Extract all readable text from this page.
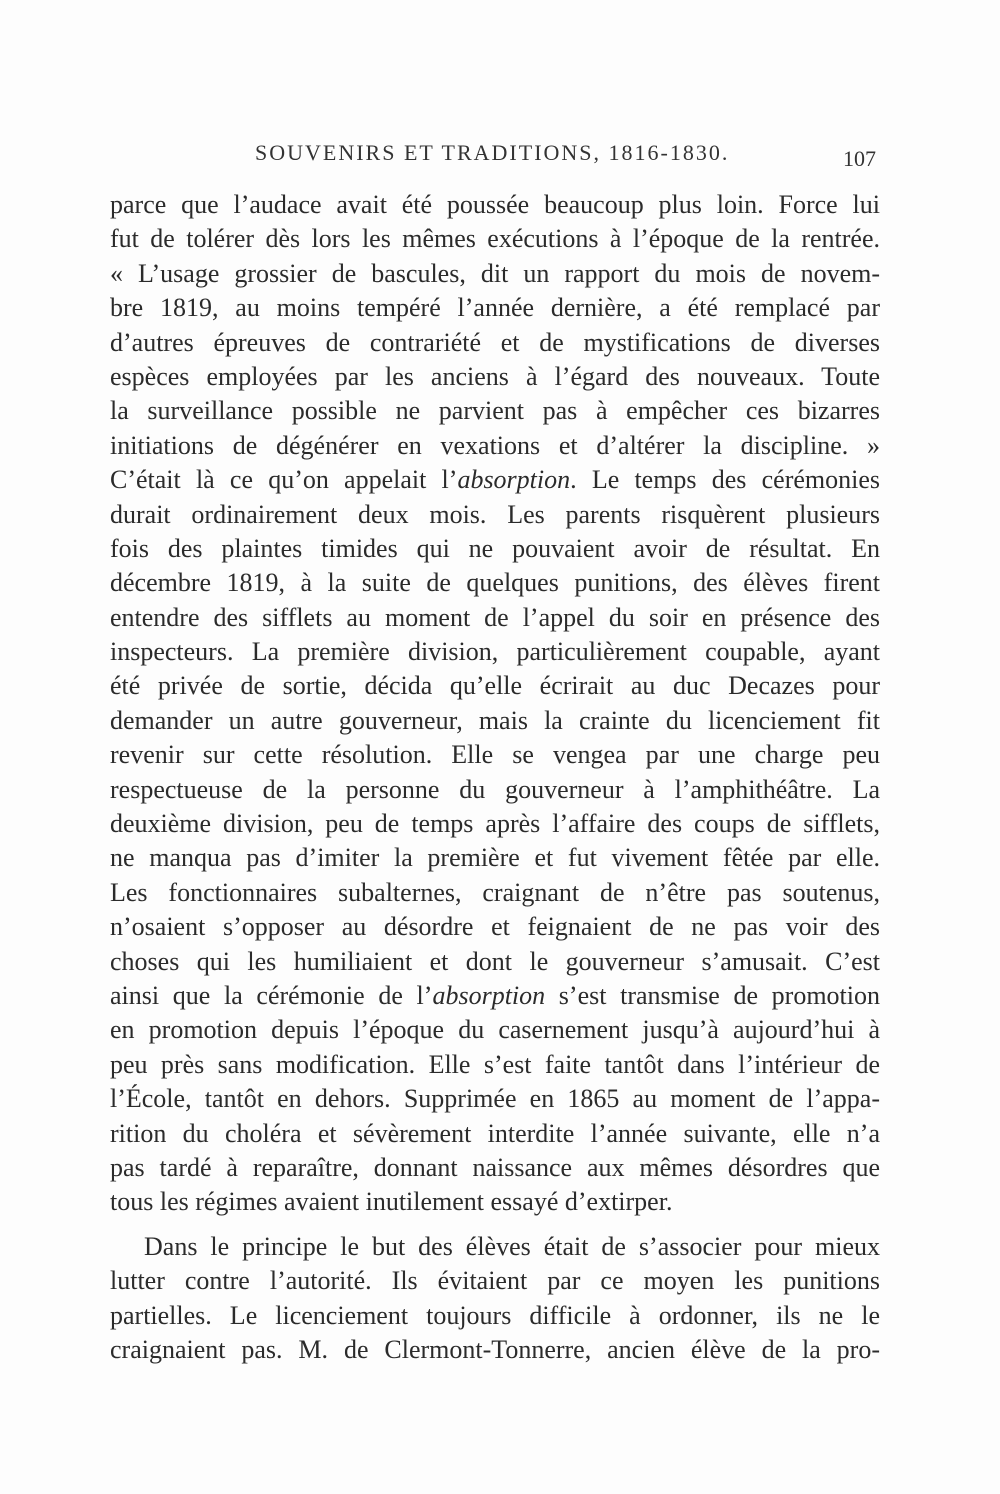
SOUVENIRS ET TRADITIONS, 1816-1830.	107
parce que l’audace avait été poussée beaucoup plus loin. Force lui
fut de tolérer dès lors les mêmes exécutions à l’époque de la rentrée.
« L’usage grossier de bascules, dit un rapport du mois de novem-
bre 1819, au moins tempéré l’année dernière, a été remplacé par
d’autres épreuves de contrariété et de mystifications de diverses
espèces employées par les anciens à l’égard des nouveaux. Toute
la surveillance possible ne parvient pas à empêcher ces bizarres
initiations de dégénérer en vexations et d’altérer la discipline. »
C’était là ce qu’on appelait l’absorption. Le temps des cérémonies
durait ordinairement deux mois. Les parents risquèrent plusieurs
fois des plaintes timides qui ne pouvaient avoir de résultat. En
décembre 1819, à la suite de quelques punitions, des élèves firent
entendre des sifflets au moment de l’appel du soir en présence des
inspecteurs. La première division, particulièrement coupable, ayant
été privée de sortie, décida qu’elle écrirait au duc Decazes pour
demander un autre gouverneur, mais la crainte du licenciement fit
revenir sur cette résolution. Elle se vengea par une charge peu
respectueuse de la personne du gouverneur à l’amphithéâtre. La
deuxième division, peu de temps après l’affaire des coups de sifflets,
ne manqua pas d’imiter la première et fut vivement fêtée par elle.
Les fonctionnaires subalternes, craignant de n’être pas soutenus,
n’osaient s’opposer au désordre et feignaient de ne pas voir des
choses qui les humiliaient et dont le gouverneur s’amusait. C’est
ainsi que la cérémonie de l’absorption s’est transmise de promotion
en promotion depuis l’époque du casernement jusqu’à aujourd’hui à
peu près sans modification. Elle s’est faite tantôt dans l’intérieur de
l’École, tantôt en dehors. Supprimée en 1865 au moment de l’appa-
rition du choléra et sévèrement interdite l’année suivante, elle n’a
pas tardé à reparaître, donnant naissance aux mêmes désordres que
tous les régimes avaient inutilement essayé d’extirper.
Dans le principe le but des élèves était de s’associer pour mieux
lutter contre l’autorité. Ils évitaient par ce moyen les punitions
partielles. Le licenciement toujours difficile à ordonner, ils ne le
craignaient pas. M. de Clermont-Tonnerre, ancien élève de la pro-
